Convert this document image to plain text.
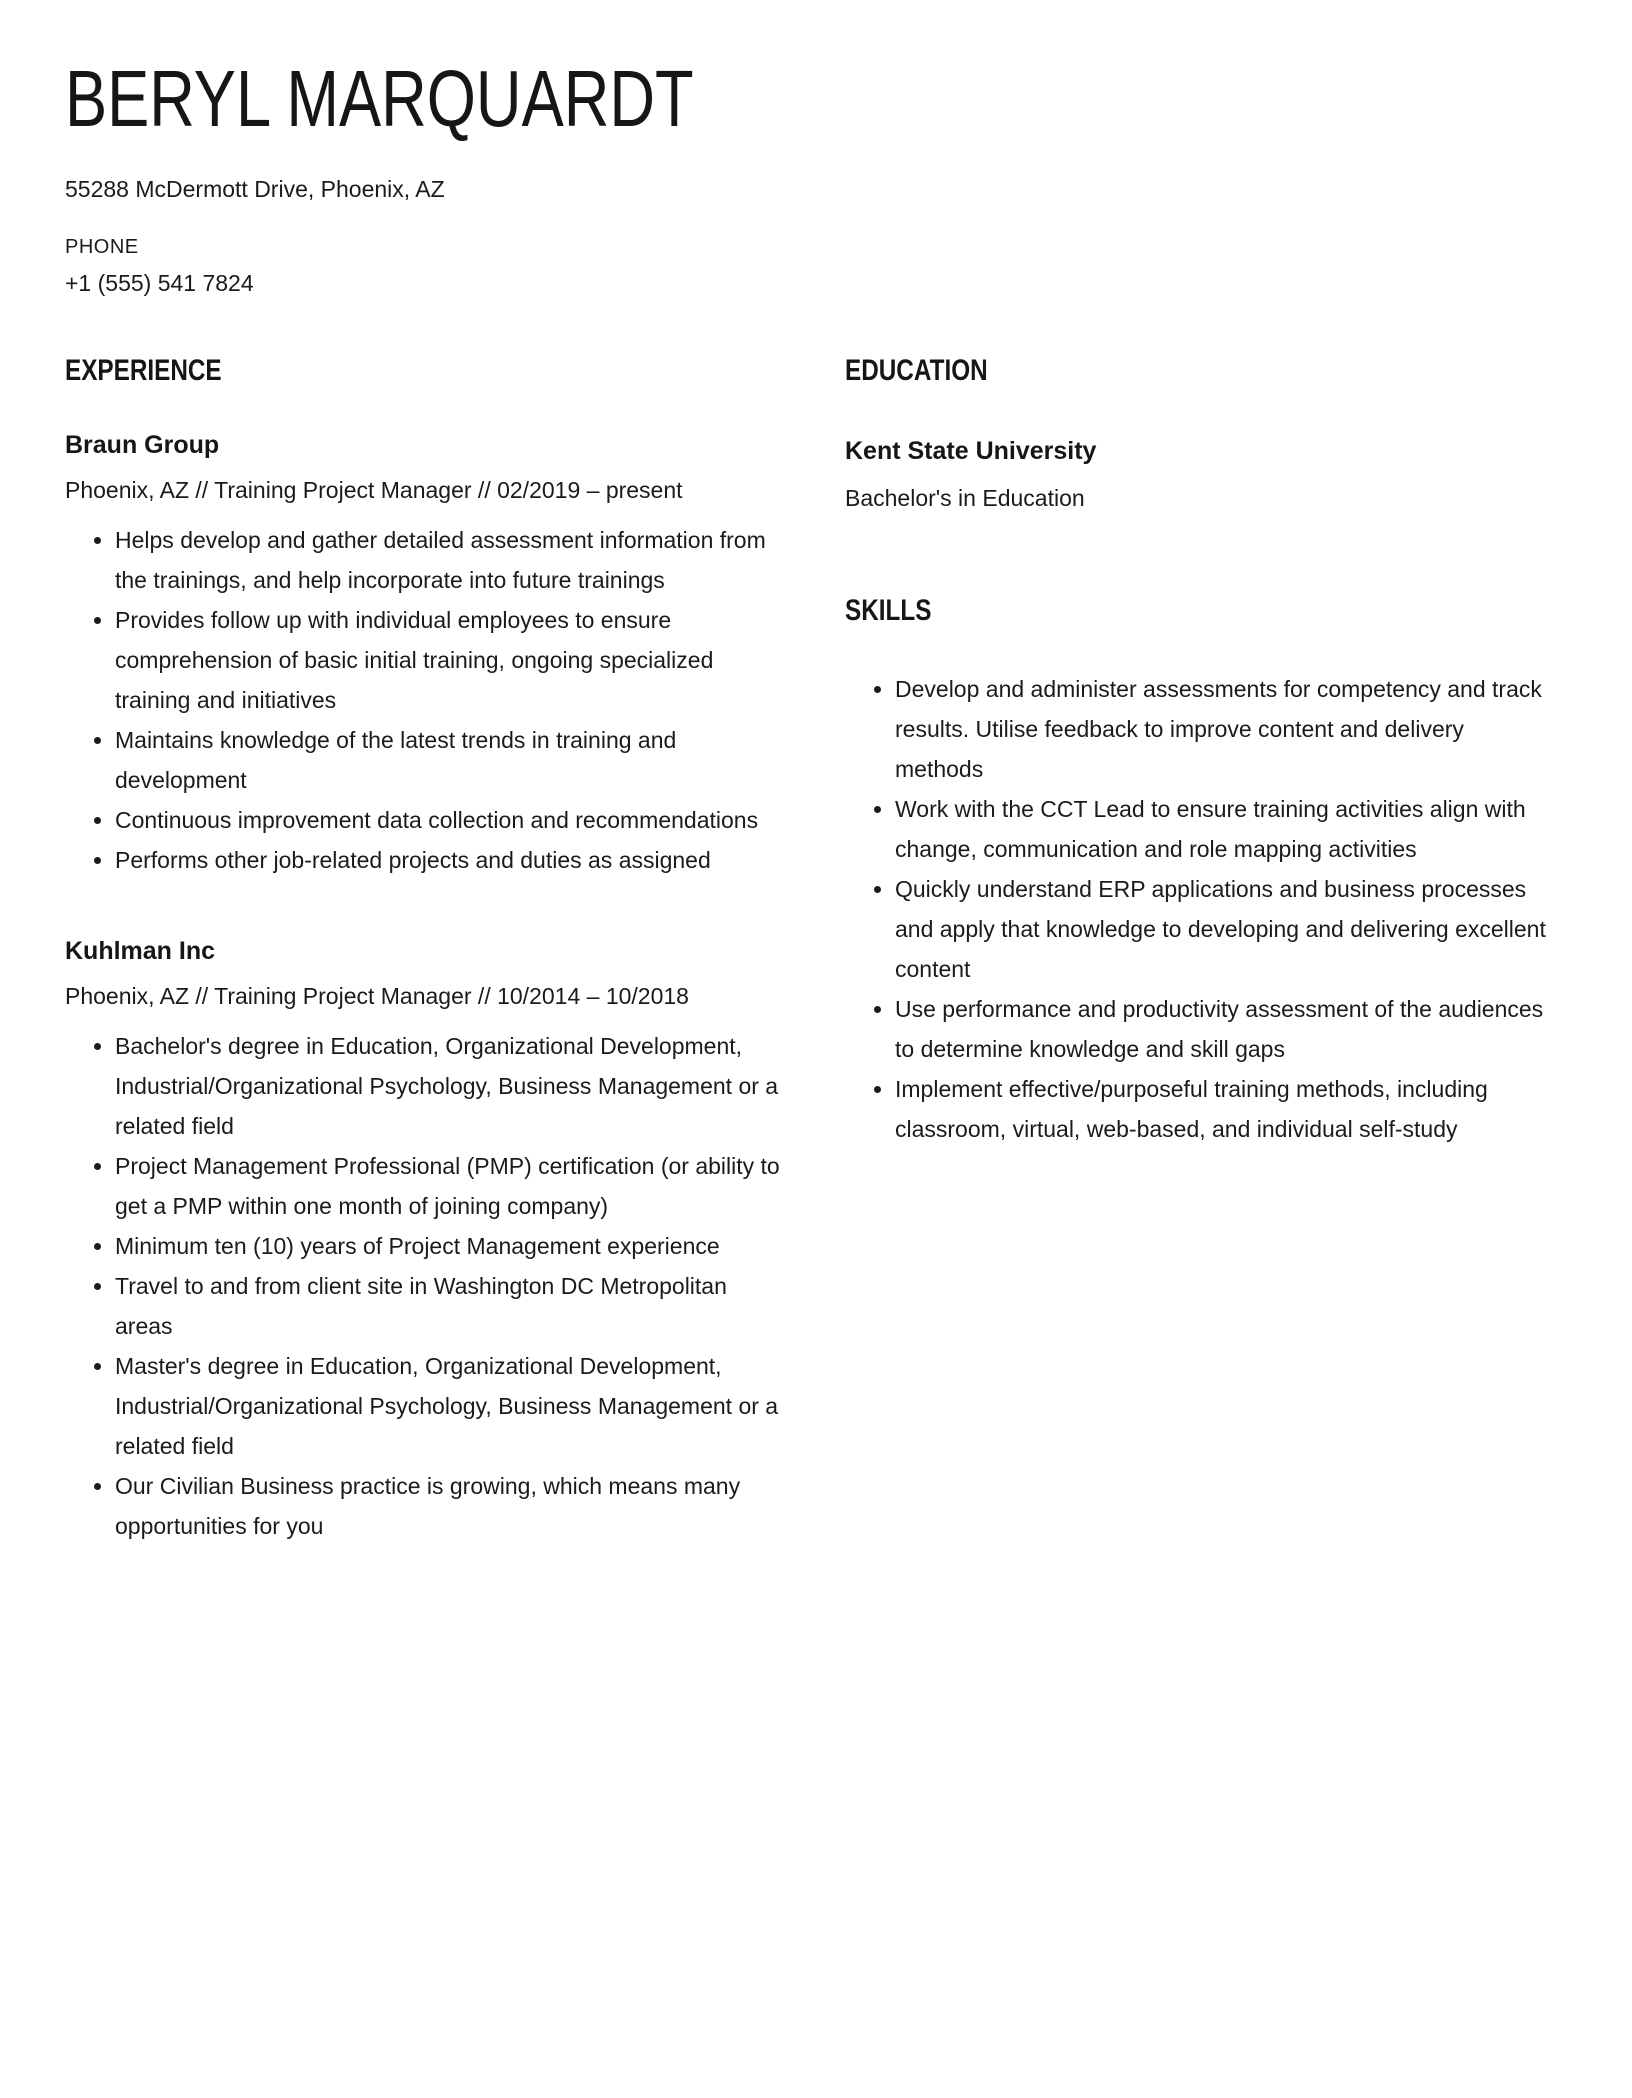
BERYL MARQUARDT

55288 McDermott Drive, Phoenix, AZ

PHONE

+1 (555) 541 7824

EXPERIENCE
Braun Group

Phoenix, AZ // Training Project Manager // 02/2019 – present

• Helps develop and gather detailed assessment information from the trainings, and help incorporate into future trainings
• Provides follow up with individual employees to ensure comprehension of basic initial training, ongoing specialized training and initiatives
• Maintains knowledge of the latest trends in training and development
• Continuous improvement data collection and recommendations
• Performs other job-related projects and duties as assigned
Kuhlman Inc

Phoenix, AZ // Training Project Manager // 10/2014 – 10/2018

• Bachelor's degree in Education, Organizational Development, Industrial/Organizational Psychology, Business Management or a related field
• Project Management Professional (PMP) certification (or ability to get a PMP within one month of joining company)
• Minimum ten (10) years of Project Management experience
• Travel to and from client site in Washington DC Metropolitan areas
• Master's degree in Education, Organizational Development, Industrial/Organizational Psychology, Business Management or a related field
• Our Civilian Business practice is growing, which means many opportunities for you
EDUCATION
Kent State University

Bachelor's in Education

SKILLS
• Develop and administer assessments for competency and track results. Utilise feedback to improve content and delivery methods
• Work with the CCT Lead to ensure training activities align with change, communication and role mapping activities
• Quickly understand ERP applications and business processes and apply that knowledge to developing and delivering excellent content
• Use performance and productivity assessment of the audiences to determine knowledge and skill gaps
• Implement effective/purposeful training methods, including classroom, virtual, web-based, and individual self-study
